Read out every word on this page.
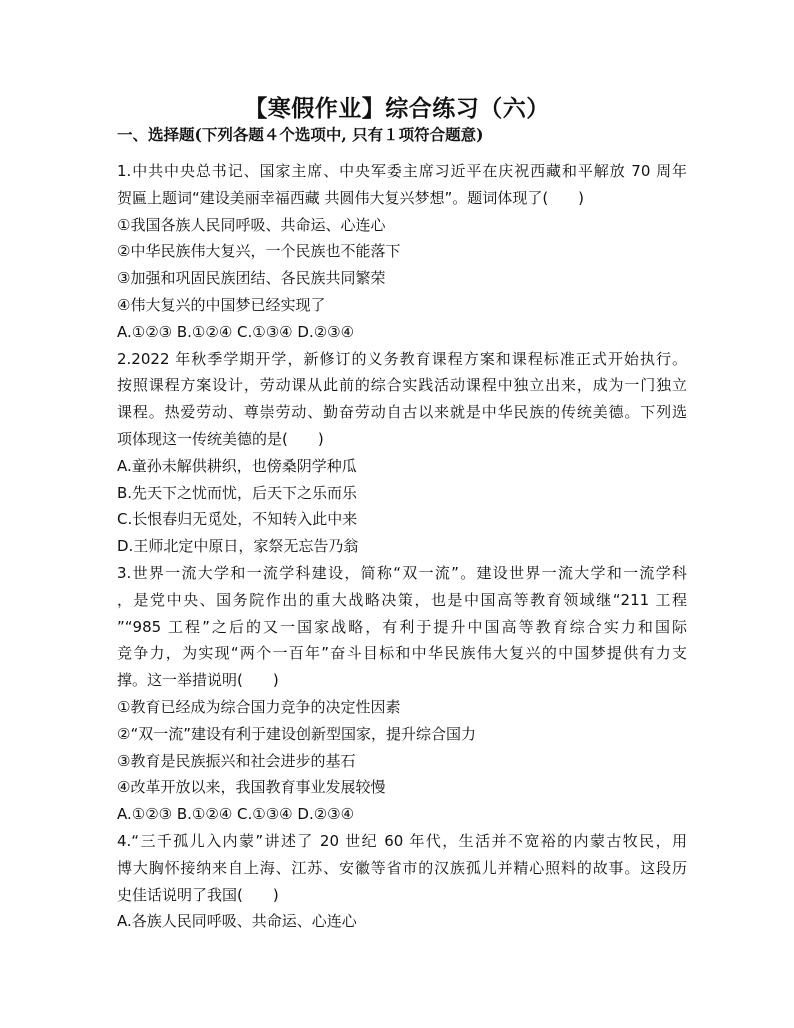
【寒假作业】综合练习（六）
一、选择题(下列各题４个选项中, 只有１项符合题意)
1.中共中央总书记、国家主席、中央军委主席习近平在庆祝西藏和平解放 70 周年
贺匾上题词“建设美丽幸福西藏 共圆伟大复兴梦想”。题词体现了(　　)
①我国各族人民同呼吸、共命运、心连心
②中华民族伟大复兴，一个民族也不能落下
③加强和巩固民族团结、各民族共同繁荣
④伟大复兴的中国梦已经实现了
A.①②③ B.①②④ C.①③④ D.②③④
2.2022 年秋季学期开学，新修订的义务教育课程方案和课程标准正式开始执行。
按照课程方案设计，劳动课从此前的综合实践活动课程中独立出来，成为一门独立
课程。热爱劳动、尊崇劳动、勤奋劳动自古以来就是中华民族的传统美德。下列选
项体现这一传统美德的是(　　)
A.童孙未解供耕织，也傍桑阴学种瓜
B.先天下之忧而忧，后天下之乐而乐
C.长恨春归无觅处，不知转入此中来
D.王师北定中原日，家祭无忘告乃翁
3.世界一流大学和一流学科建设，简称“双一流”。建设世界一流大学和一流学科
，是党中央、国务院作出的重大战略决策，也是中国高等教育领域继“211 工程
”“985 工程”之后的又一国家战略，有利于提升中国高等教育综合实力和国际
竞争力，为实现“两个一百年”奋斗目标和中华民族伟大复兴的中国梦提供有力支
撑。这一举措说明(　　)
①教育已经成为综合国力竞争的决定性因素
②“双一流”建设有利于建设创新型国家，提升综合国力
③教育是民族振兴和社会进步的基石
④改革开放以来，我国教育事业发展较慢
A.①②③ B.①②④ C.①③④ D.②③④
4.“三千孤儿入内蒙”讲述了 20 世纪 60 年代，生活并不宽裕的内蒙古牧民，用
博大胸怀接纳来自上海、江苏、安徽等省市的汉族孤儿并精心照料的故事。这段历
史佳话说明了我国(　　)
A.各族人民同呼吸、共命运、心连心
